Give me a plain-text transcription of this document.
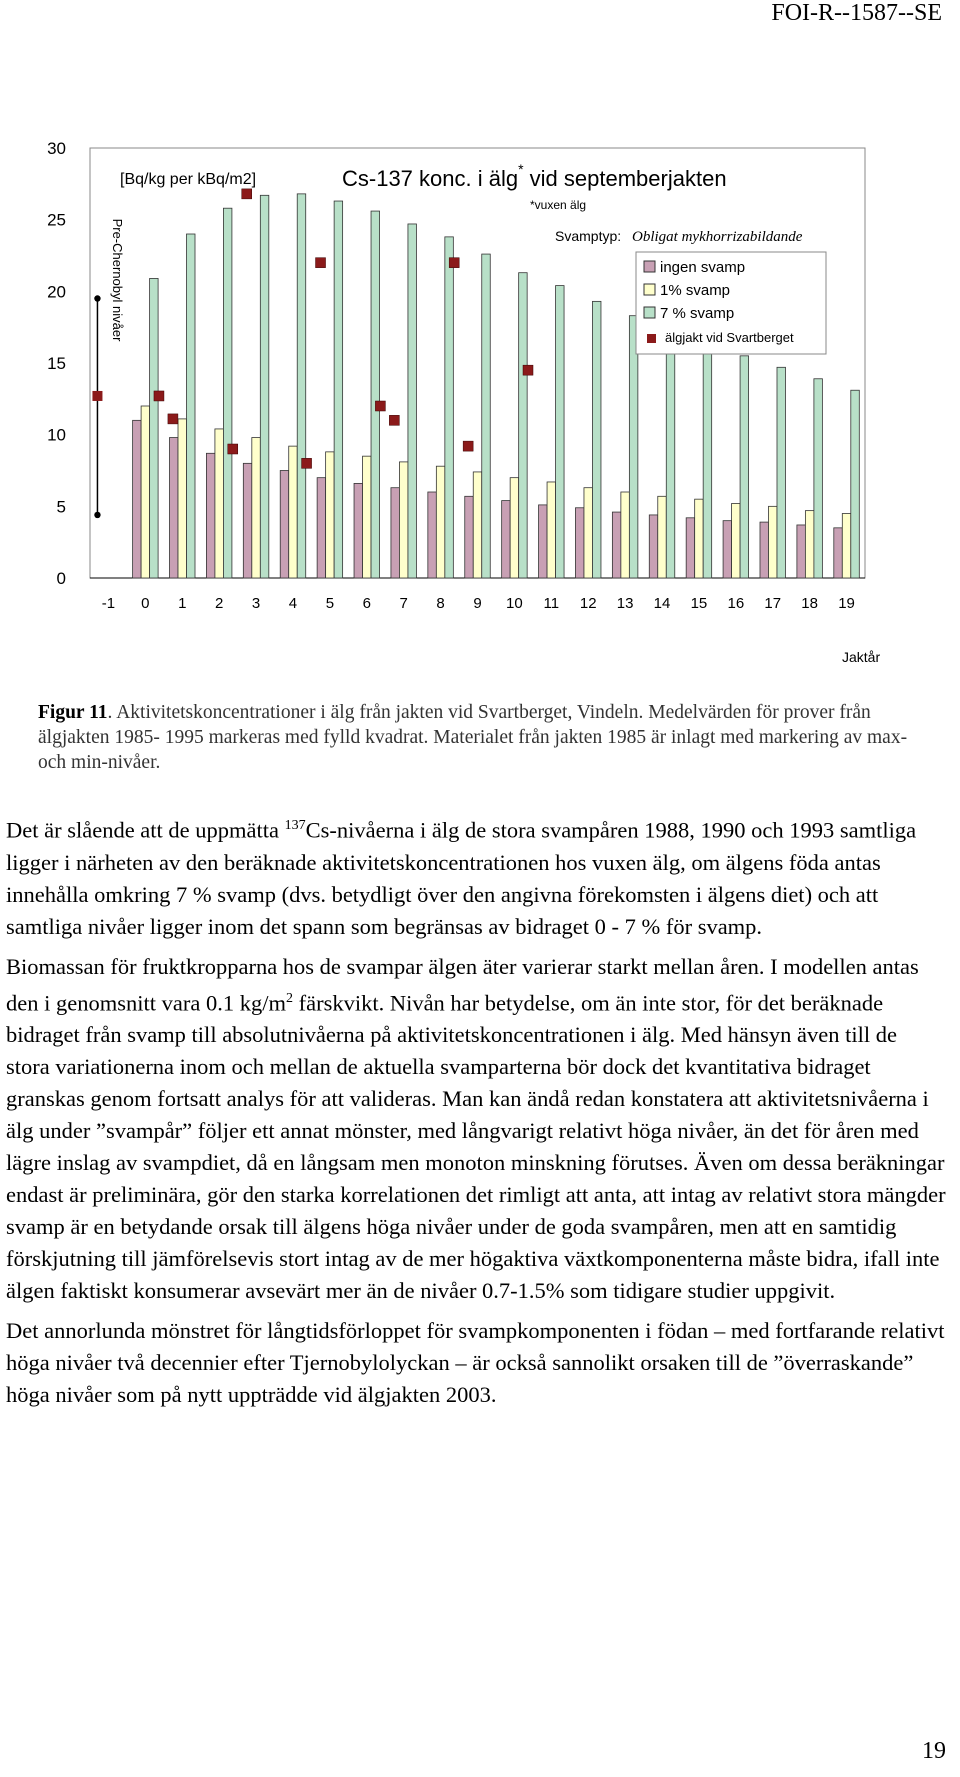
FOI-R--1587--SE
0
5
10
15
20
25
30
-1 0 1 2 3 4 5 6 7 8 9 10 11 12 13 14 15 16 17 18 19
[Bq/kg per kBq/m2]	Cs-137 konc. i älg* vid septemberjakten
*vuxen älg
Pre-Chernobyl nivåer
Jaktår
Svamptyp: Obligat mykhorrizabildande
ingen svamp
1% svamp
7 % svamp
älgjakt vid Svartberget
Figur 11. Aktivitetskoncentrationer i älg från jakten vid Svartberget, Vindeln. Medelvärden för prover från älgjakten 1985- 1995 markeras med fylld kvadrat. Materialet från jakten 1985 är inlagt med markering av max- och min-nivåer.

Det är slående att de uppmätta $^{137}$Cs-nivåerna i älg de stora svampåren 1988, 1990 och 1993 samtliga ligger i närheten av den beräknade aktivitetskoncentrationen hos vuxen älg, om älgens föda antas innehålla omkring 7 % svamp (dvs. betydligt över den angivna förekomsten i älgens diet) och att samtliga nivåer ligger inom det spann som begränsas av bidraget 0 - 7 % för svamp.

Biomassan för fruktkropparna hos de svampar älgen äter varierar starkt mellan åren. I modellen antas den i genomsnitt vara 0.1 $kg/m^2$ färskvikt. Nivån har betydelse, om än inte stor, för det beräknade bidraget från svamp till absolutnivåerna på aktivitetskoncentrationen i älg. Med hänsyn även till de stora variationerna inom och mellan de aktuella svamparterna bör dock det kvantitativa bidraget granskas genom fortsatt analys för att valideras. Man kan ändå redan konstatera att aktivitetsnivåerna i älg under ”svampår” följer ett annat mönster, med långvarigt relativt höga nivåer, än det för åren med lägre inslag av svampdiet, då en långsam men monoton minskning förutses. Även om dessa beräkningar endast är preliminära, gör den starka korrelationen det rimligt att anta, att intag av relativt stora mängder svamp är en betydande orsak till älgens höga nivåer under de goda svampåren, men att en samtidig förskjutning till jämförelsevis stort intag av de mer högaktiva växtkomponenterna måste bidra, ifall inte älgen faktiskt konsumerar avsevärt mer än de nivåer 0.7-1.5% som tidigare studier uppgivit.

Det annorlunda mönstret för långtidsförloppet för svampkomponenten i födan – med fortfarande relativt höga nivåer två decennier efter Tjernobylolyckan – är också sannolikt orsaken till de ”överraskande” höga nivåer som på nytt uppträdde vid älgjakten 2003.

19
